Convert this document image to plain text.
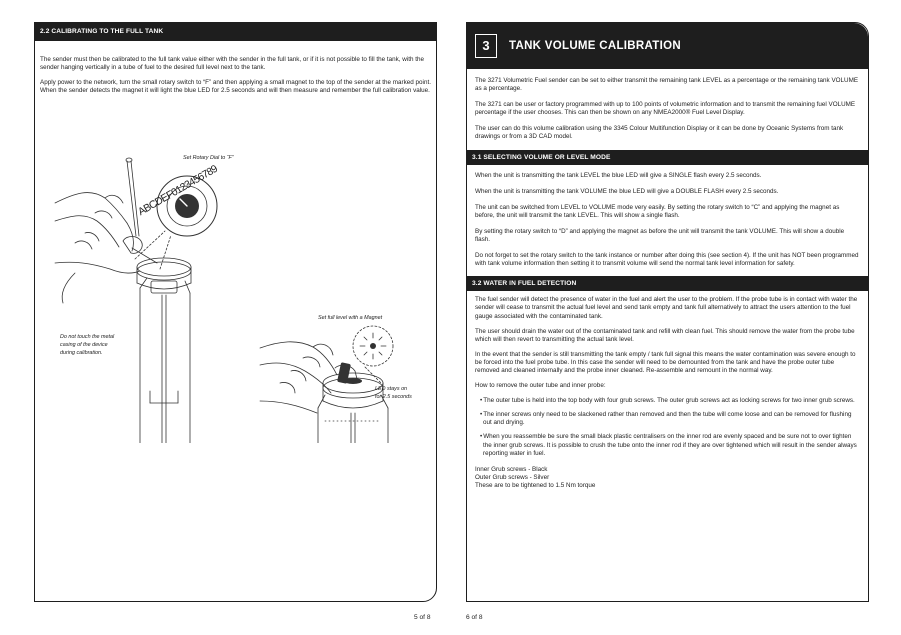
2.2 CALIBRATING TO THE FULL TANK

The sender must then be calibrated to the full tank value either with the sender in the full tank, or if it is not possible to fill the tank, with the sender hanging vertically in a tube of fuel to the desired full level next to the tank.

Apply power to the network, turn the small rotary switch to “F” and then applying a small magnet to the top of the sender at the marked point. When the sender detects the magnet it will light the blue LED for 2.5 seconds and will then measure and remember the full calibration value.

ABCDEF0123456789
Set Rotary Dial to “F”
Set full level with a Magnet
Do not touch the metal
casing of the device
during calibration.
LED stays on
for 2.5 seconds
3	TANK VOLUME CALIBRATION

The 3271 Volumetric Fuel sender can be set to either transmit the remaining tank LEVEL as a percentage or the remaining tank VOLUME as a percentage.

The 3271 can be user or factory programmed with up to 100 points of volumetric information and to transmit the remaining fuel VOLUME percentage if the user chooses. This can then be shown on any NMEA2000® Fuel Level Display.

The user can do this volume calibration using the 3345 Colour Multifunction Display or it can be done by Oceanic Systems from tank drawings or from a 3D CAD model.

3.1 SELECTING VOLUME OR LEVEL MODE

When the unit is transmitting the tank LEVEL the blue LED will give a SINGLE flash every 2.5 seconds.

When the unit is transmitting the tank VOLUME the blue LED will give a DOUBLE FLASH every 2.5 seconds.

The unit can be switched from LEVEL to VOLUME mode very easily. By setting the rotary switch to “C” and applying the magnet as before, the unit will transmit the tank LEVEL. This will show a single flash.

By setting the rotary switch to “D” and applying the magnet as before the unit will transmit the tank VOLUME. This will show a double flash.

Do not forget to set the rotary switch to the tank instance or number after doing this (see section 4). If the unit has NOT been programmed with tank volume information then setting it to transmit volume will send the normal tank level information for safety.

3.2 WATER IN FUEL DETECTION

The fuel sender will detect the presence of water in the fuel and alert the user to the problem. If the probe tube is in contact with water the sender will cease to transmit the actual fuel level and send tank empty and tank full alternatively to attract the users attention to the fuel gauge associated with the contaminated tank.

The user should drain the water out of the contaminated tank and refill with clean fuel. This should remove the water from the probe tube which will then revert to transmitting the actual tank level.

In the event that the sender is still transmitting the tank empty / tank full signal this means the water contamination was severe enough to be forced into the fuel probe tube. In this case the sender will need to be demounted from the tank and have the probe outer tube removed and cleaned internally and the probe inner cleaned. Re-assemble and remount in the normal way.

How to remove the outer tube and inner probe:

•The outer tube is held into the top body with four grub screws. The outer grub screws act as locking screws for two inner grub screws.

•The inner screws only need to be slackened rather than removed and then the tube will come loose and can be removed for flushing out and drying.

•When you reassemble be sure the small black plastic centralisers on the inner rod are evenly spaced and be sure not to over tighten the inner grub screws. It is possible to crush the tube onto the inner rod if they are over tightened which will result in the sender always reporting water in fuel.

Inner Grub screws - Black

Outer Grub screws - Silver

These are to be tightened to 1.5 Nm torque

5 of 8	6 of 8
